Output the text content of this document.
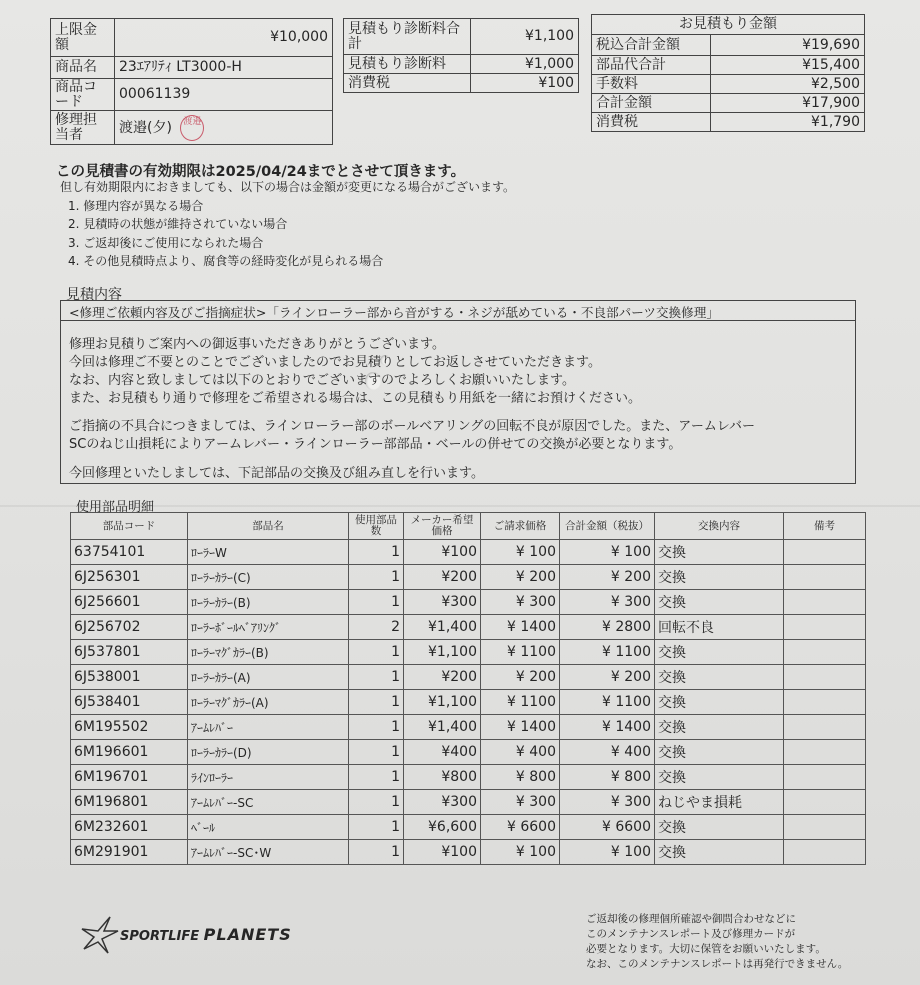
上限金額	¥10,000
商品名	23ｴｱﾘﾃｨ LT3000-H
商品コード	00061139
修理担当者	渡邉(夕) 渡邉
見積もり診断料合計	¥1,100
見積もり診断料	¥1,000
消費税	¥100
お見積もり金額	
税込合計金額	¥19,690
部品代合計	¥15,400
手数料	¥2,500
合計金額	¥17,900
消費税	¥1,790
この見積書の有効期限は2025/04/24までとさせて頂きます。
但し有効期限内におきましても、以下の場合は金額が変更になる場合がございます。
1. 修理内容が異なる場合
2. 見積時の状態が維持されていない場合
3. ご返却後にご使用になられた場合
4. その他見積時点より、腐食等の経時変化が見られる場合
見積内容
<修理ご依頼内容及びご指摘症状>「ラインローラー部から音がする・ネジが舐めている・不良部パーツ交換修理」
修理お見積りご案内への御返事いただきありがとうございます。
今回は修理ご不要とのことでございましたのでお見積りとしてお返しさせていただきます。
なお、内容と致しましては以下のとおりでございますのでよろしくお願いいたします。
また、お見積もり通りで修理をご希望される場合は、この見積もり用紙を一緒にお預けください。
ご指摘の不具合につきましては、ラインローラー部のボールベアリングの回転不良が原因でした。また、アームレバー
SCのねじ山損耗によりアームレバー・ラインローラー部部品・ベールの併せての交換が必要となります。
今回修理といたしましては、下記部品の交換及び組み直しを行います。
使用部品明細
部品コード	部品名	使用部品数	メーカー希望価格	ご請求価格	合計金額（税抜）	交換内容	備考
63754101	ﾛｰﾗｰW	1	¥100	¥ 100	¥ 100	交換	
6J256301	ﾛｰﾗｰｶﾗｰ(C)	1	¥200	¥ 200	¥ 200	交換	
6J256601	ﾛｰﾗｰｶﾗｰ(B)	1	¥300	¥ 300	¥ 300	交換	
6J256702	ﾛｰﾗｰﾎﾞｰﾙﾍﾞｱﾘﾝｸﾞ	2	¥1,400	¥ 1400	¥ 2800	回転不良	
6J537801	ﾛｰﾗｰﾏｸﾞｶﾗｰ(B)	1	¥1,100	¥ 1100	¥ 1100	交換	
6J538001	ﾛｰﾗｰｶﾗｰ(A)	1	¥200	¥ 200	¥ 200	交換	
6J538401	ﾛｰﾗｰﾏｸﾞｶﾗｰ(A)	1	¥1,100	¥ 1100	¥ 1100	交換	
6M195502	ｱｰﾑﾚﾊﾞｰ	1	¥1,400	¥ 1400	¥ 1400	交換	
6M196601	ﾛｰﾗｰｶﾗｰ(D)	1	¥400	¥ 400	¥ 400	交換	
6M196701	ﾗｲﾝﾛｰﾗｰ	1	¥800	¥ 800	¥ 800	交換	
6M196801	ｱｰﾑﾚﾊﾞｰ-SC	1	¥300	¥ 300	¥ 300	ねじやま損耗	
6M232601	ﾍﾞｰﾙ	1	¥6,600	¥ 6600	¥ 6600	交換	
6M291901	ｱｰﾑﾚﾊﾞｰ-SC･W	1	¥100	¥ 100	¥ 100	交換	
SPORTLIFE PLANETS
ご返却後の修理個所確認や御問合わせなどに
このメンテナンスレポート及び修理カードが
必要となります。大切に保管をお願いいたします。
なお、このメンテナンスレポートは再発行できません。
